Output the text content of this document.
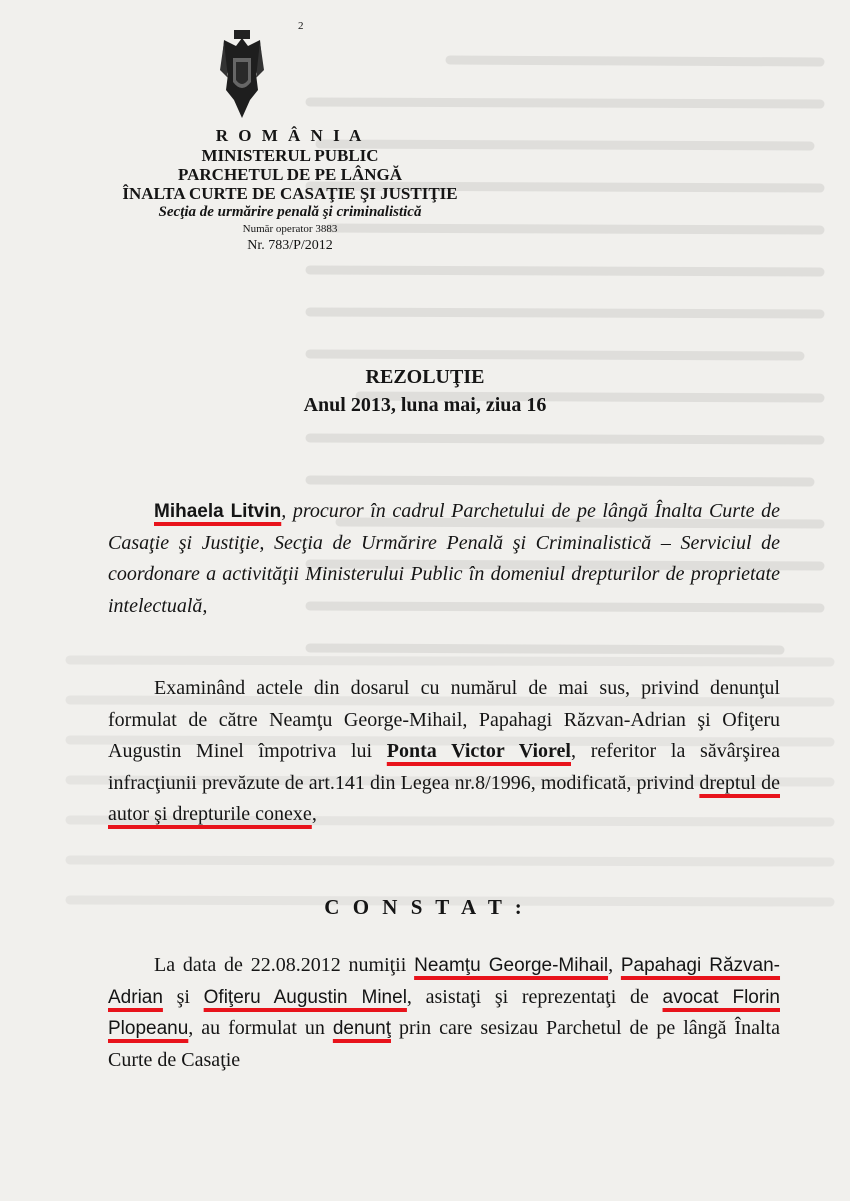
2
R O M Â N I A
MINISTERUL PUBLIC
PARCHETUL DE PE LÂNGĂ
ÎNALTA CURTE DE CASAŢIE ŞI JUSTIŢIE
Secţia de urmărire penală şi criminalistică
Număr operator 3883
Nr. 783/P/2012
REZOLUŢIE
Anul 2013, luna mai, ziua 16
Mihaela Litvin, procuror în cadrul Parchetului de pe lângă Înalta Curte de Casaţie şi Justiţie, Secţia de Urmărire Penală şi Criminalistică – Serviciul de coordonare a activităţii Ministerului Public în domeniul drepturilor de proprietate intelectuală,
Examinând actele din dosarul cu numărul de mai sus, privind denunţul formulat de către Neamţu George-Mihail, Papahagi Răzvan-Adrian şi Ofiţeru Augustin Minel împotriva lui Ponta Victor Viorel, referitor la săvârşirea infracţiunii prevăzute de art.141 din Legea nr.8/1996, modificată, privind dreptul de autor şi drepturile conexe,
C O N S T A T :
La data de 22.08.2012 numiţii Neamţu George-Mihail, Papahagi Răzvan-Adrian şi Ofiţeru Augustin Minel, asistaţi şi reprezentaţi de avocat Florin Plopeanu, au formulat un denunţ prin care sesizau Parchetul de pe lângă Înalta Curte de Casaţie
